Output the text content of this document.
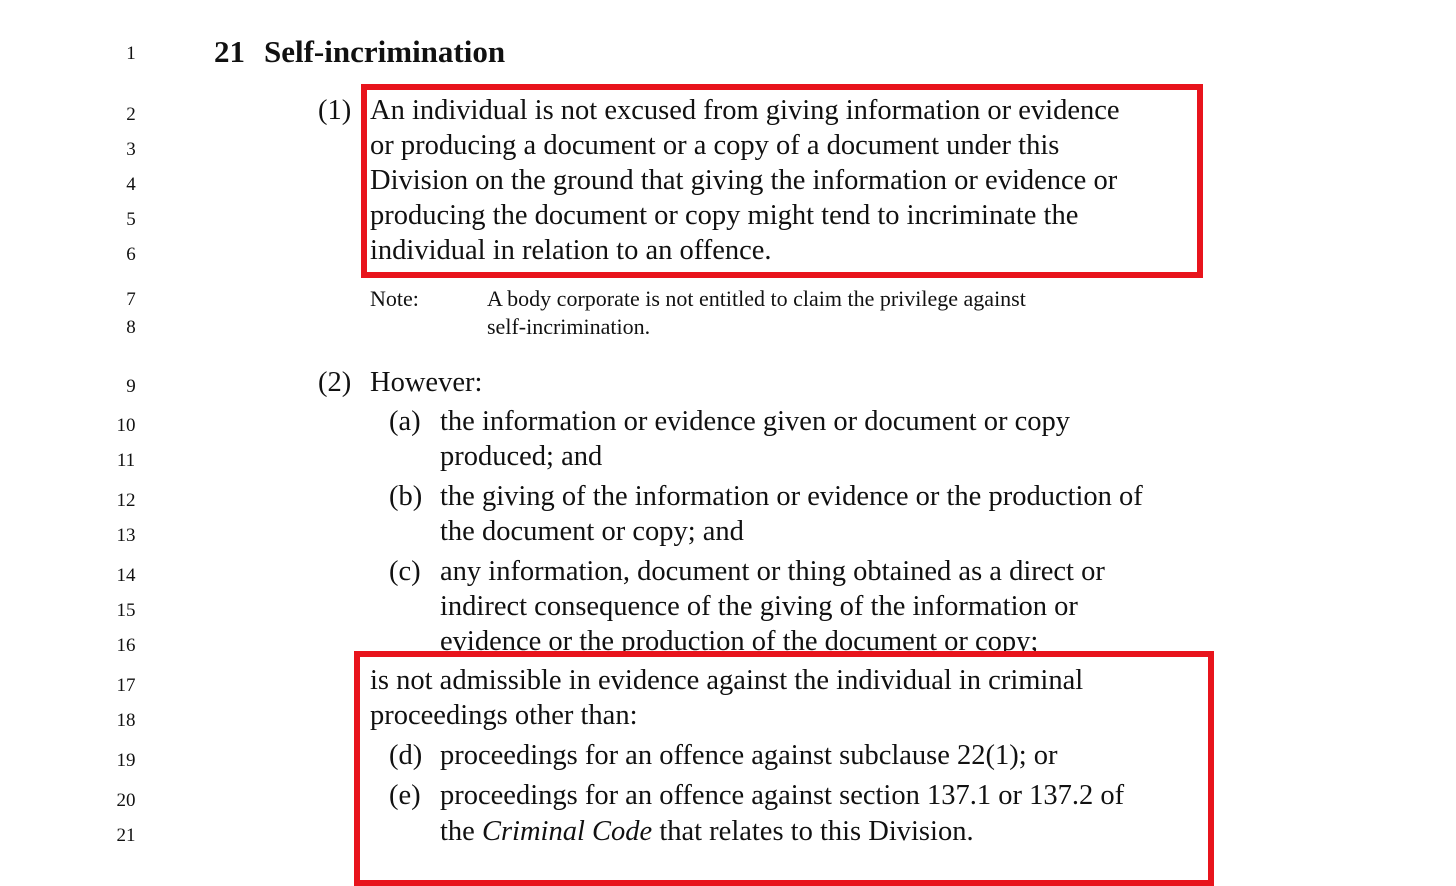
1
2
3
4
5
6
7
8
9
10
11
12
13
14
15
16
17
18
19
20
21
21 Self-incrimination
(1) An individual is not excused from giving information or evidence
or producing a document or a copy of a document under this
Division on the ground that giving the information or evidence or
producing the document or copy might tend to incriminate the
individual in relation to an offence.
Note:	A body corporate is not entitled to claim the privilege against
self-incrimination.
(2) However:
(a) the information or evidence given or document or copy
produced; and
(b) the giving of the information or evidence or the production of
the document or copy; and
(c) any information, document or thing obtained as a direct or
indirect consequence of the giving of the information or
evidence or the production of the document or copy;
is not admissible in evidence against the individual in criminal
proceedings other than:
(d) proceedings for an offence against subclause 22(1); or
(e) proceedings for an offence against section 137.1 or 137.2 of
the Criminal Code that relates to this Division.
